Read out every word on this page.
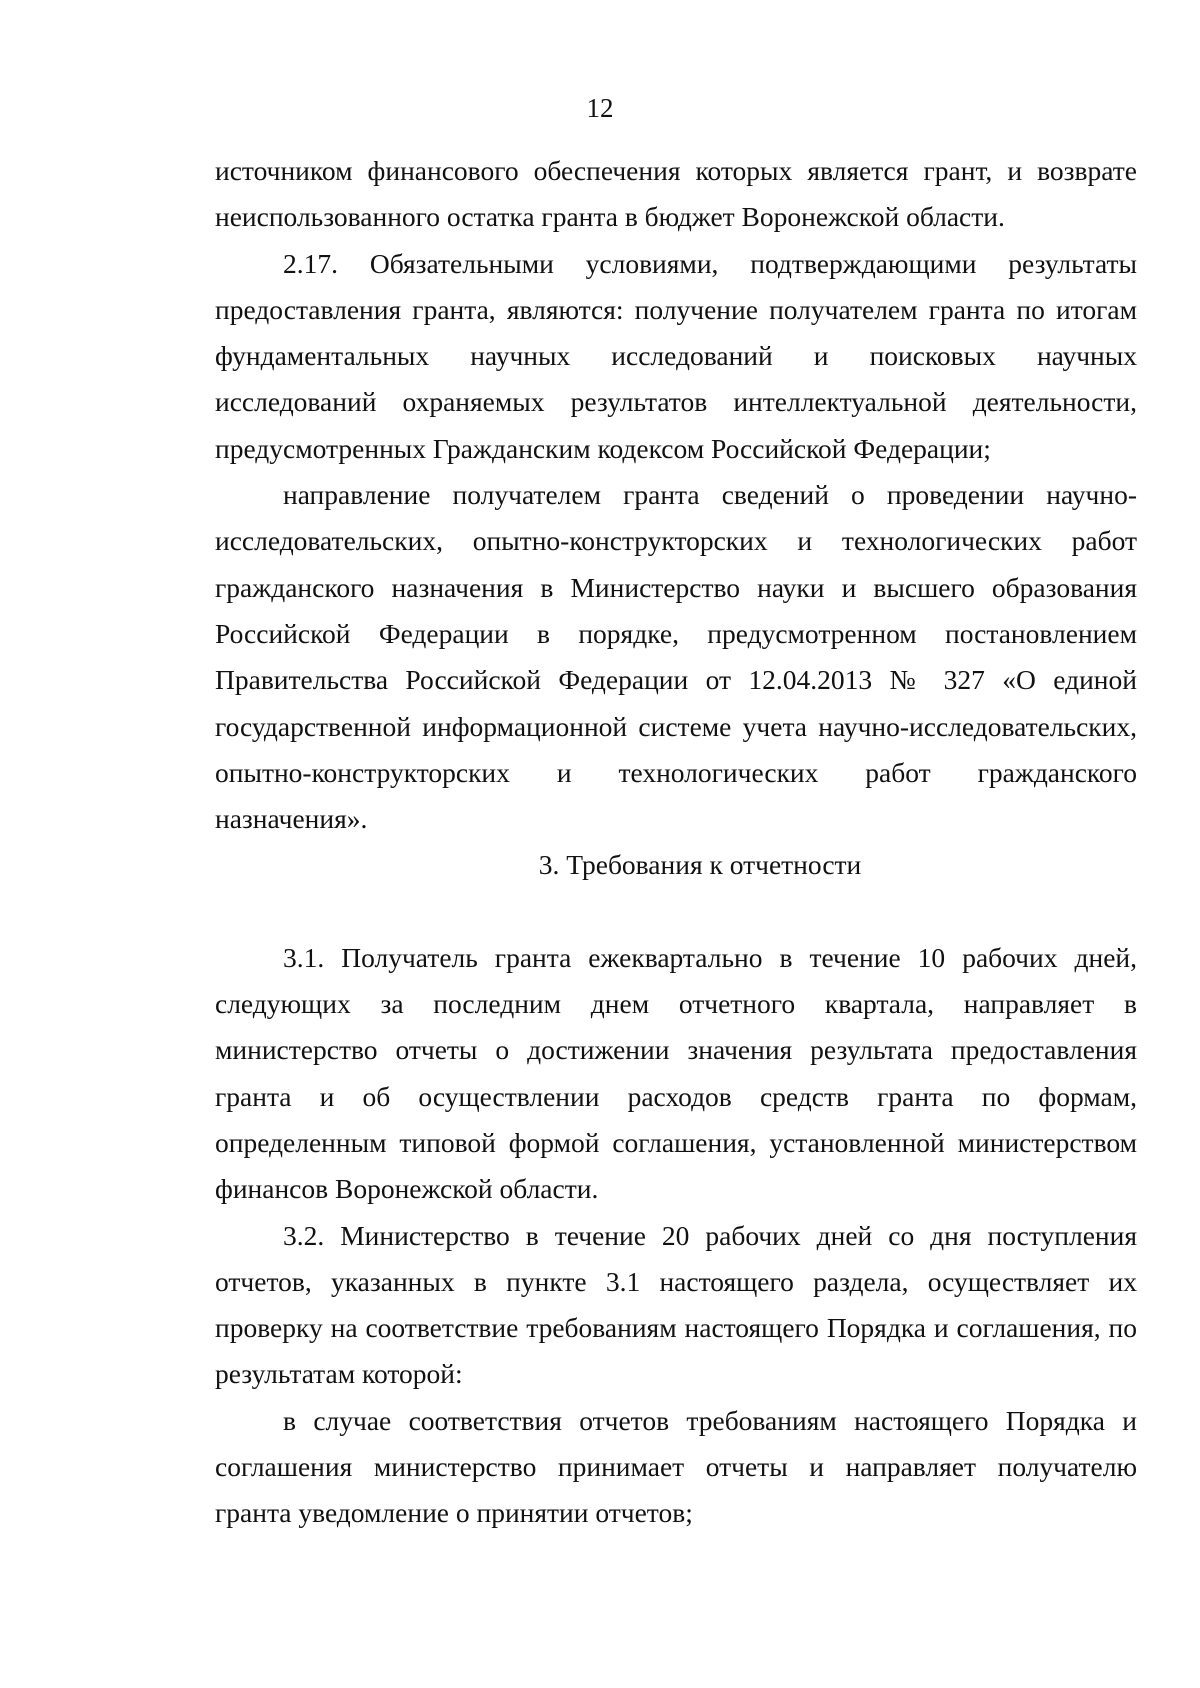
12
источником финансового обеспечения которых является грант, и возврате
неиспользованного остатка гранта в бюджет Воронежской области.
2.17. Обязательными условиями, подтверждающими результаты
предоставления гранта, являются: получение получателем гранта по итогам
фундаментальных научных исследований и поисковых научных
исследований охраняемых результатов интеллектуальной деятельности,
предусмотренных Гражданским кодексом Российской Федерации;
направление получателем гранта сведений о проведении научно-
исследовательских, опытно-конструкторских и технологических работ
гражданского назначения в Министерство науки и высшего образования
Российской Федерации в порядке, предусмотренном постановлением
Правительства Российской Федерации от 12.04.2013 № 327 «О единой
государственной информационной системе учета научно-исследовательских,
опытно-конструкторских и технологических работ гражданского
назначения».
3. Требования к отчетности
3.1. Получатель гранта ежеквартально в течение 10 рабочих дней,
следующих за последним днем отчетного квартала, направляет в
министерство отчеты о достижении значения результата предоставления
гранта и об осуществлении расходов средств гранта по формам,
определенным типовой формой соглашения, установленной министерством
финансов Воронежской области.
3.2. Министерство в течение 20 рабочих дней со дня поступления
отчетов, указанных в пункте 3.1 настоящего раздела, осуществляет их
проверку на соответствие требованиям настоящего Порядка и соглашения, по
результатам которой:
в случае соответствия отчетов требованиям настоящего Порядка и
соглашения министерство принимает отчеты и направляет получателю
гранта уведомление о принятии отчетов;
